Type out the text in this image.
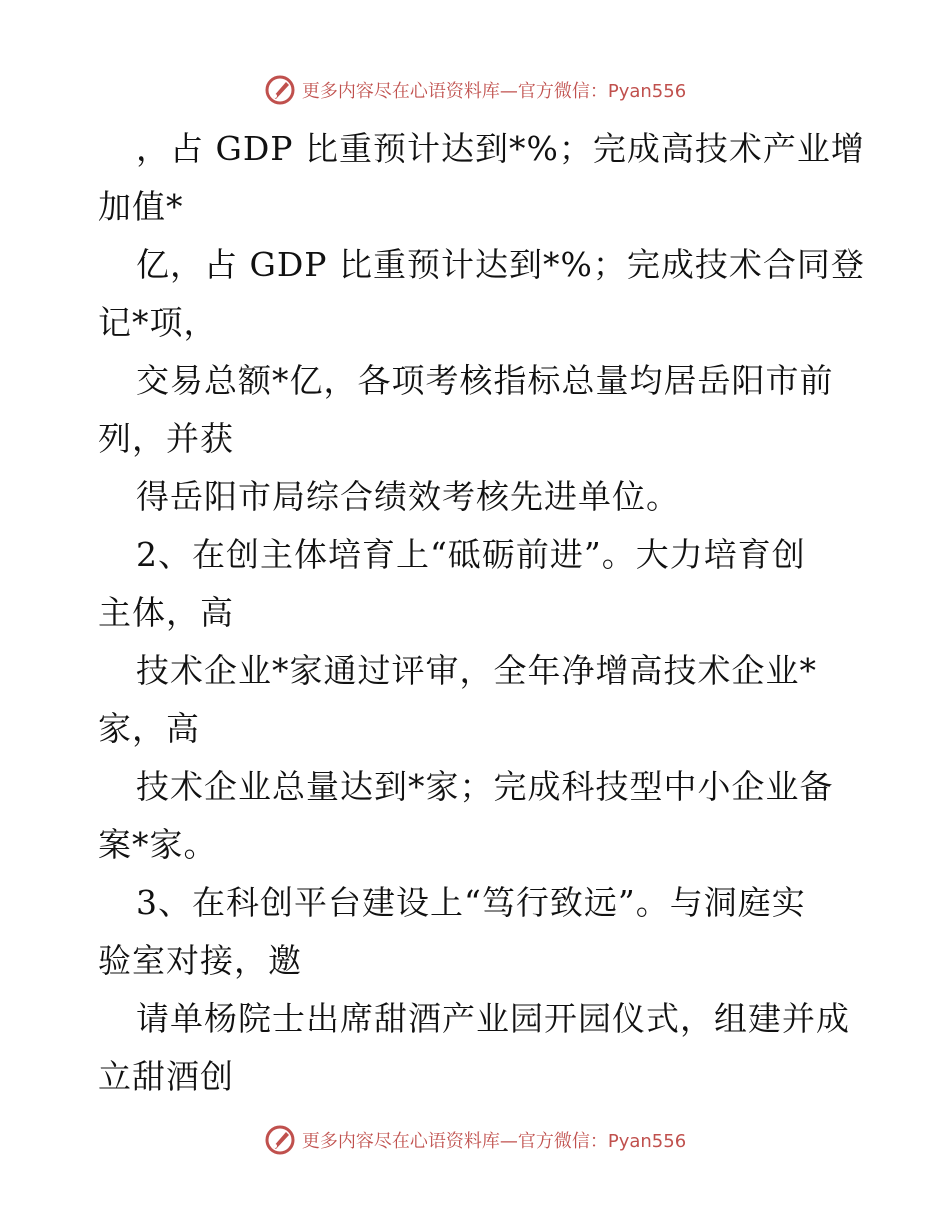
更多内容尽在心语资料库—官方微信：Pyan556
，占 GDP 比重预计达到*%；完成高技术产业增
加值*
亿，占 GDP 比重预计达到*%；完成技术合同登
记*项，
交易总额*亿，各项考核指标总量均居岳阳市前
列，并获
得岳阳市局综合绩效考核先进单位。
2、在创主体培育上“砥砺前进”。大力培育创
主体，高
技术企业*家通过评审，全年净增高技术企业*
家，高
技术企业总量达到*家；完成科技型中小企业备
案*家。
3、在科创平台建设上“笃行致远”。与洞庭实
验室对接，邀
请单杨院士出席甜酒产业园开园仪式，组建并成
立甜酒创
更多内容尽在心语资料库—官方微信：Pyan556
